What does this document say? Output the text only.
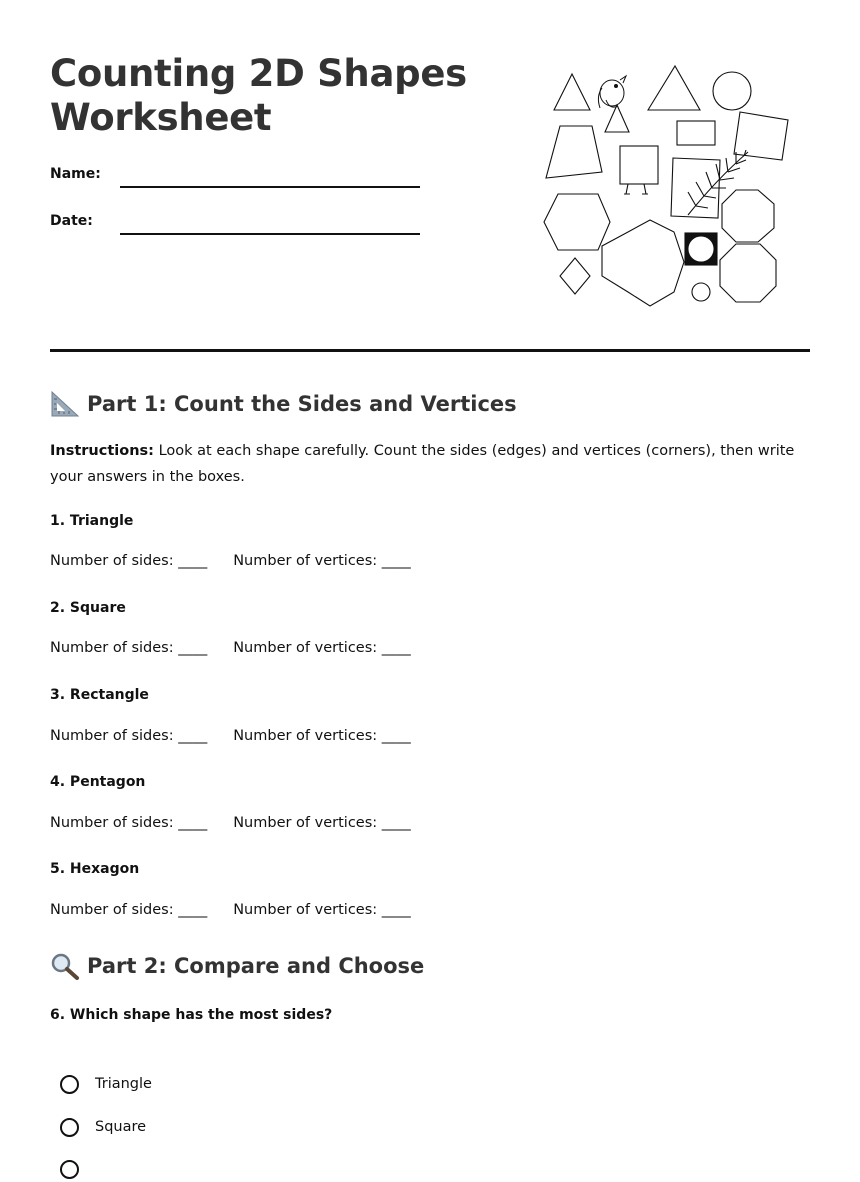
Counting 2D Shapes Worksheet
Name:
Date:
Part 1: Count the Sides and Vertices
Instructions: Look at each shape carefully. Count the sides (edges) and vertices (corners), then write your answers in the boxes.
1. Triangle
Number of sides: ____ Number of vertices: ____
2. Square
Number of sides: ____ Number of vertices: ____
3. Rectangle
Number of sides: ____ Number of vertices: ____
4. Pentagon
Number of sides: ____ Number of vertices: ____
5. Hexagon
Number of sides: ____ Number of vertices: ____
Part 2: Compare and Choose
6. Which shape has the most sides?
Triangle
Square
